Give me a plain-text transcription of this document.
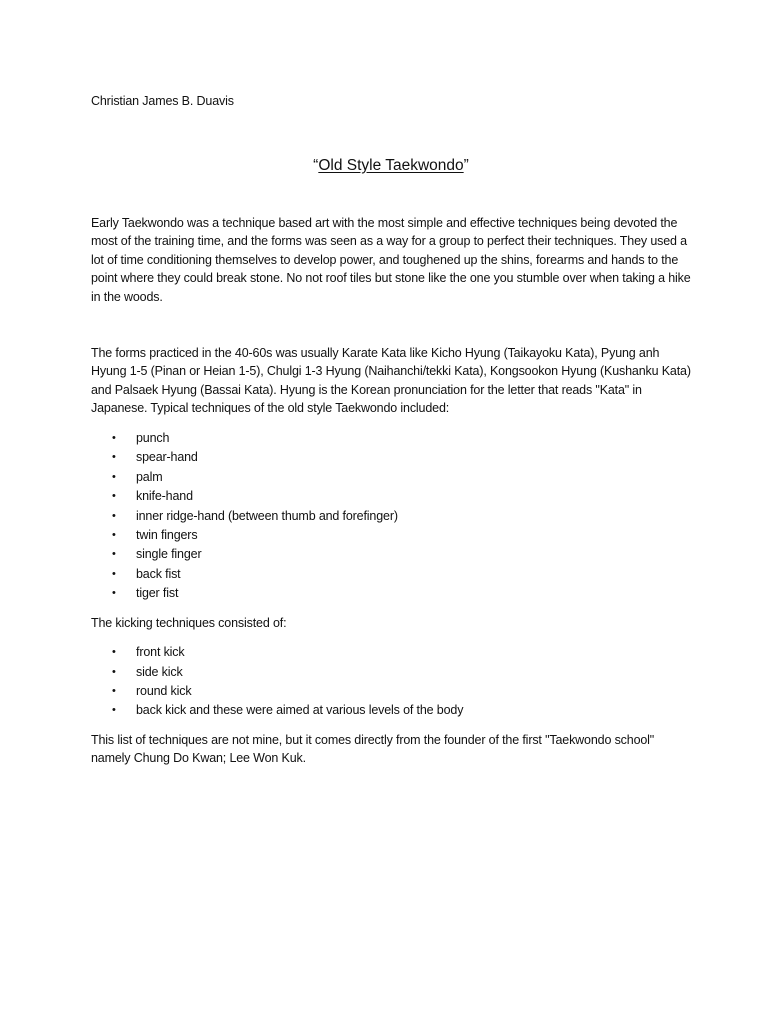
Christian James B. Duavis

“Old Style Taekwondo”

Early Taekwondo was a technique based art with the most simple and effective techniques being devoted the most of the training time, and the forms was seen as a way for a group to perfect their techniques. They used a lot of time conditioning themselves to develop power, and toughened up the shins, forearms and hands to the point where they could break stone. No not roof tiles but stone like the one you stumble over when taking a hike in the woods.

The forms practiced in the 40-60s was usually Karate Kata like Kicho Hyung (Taikayoku Kata), Pyung anh Hyung 1-5 (Pinan or Heian 1-5), Chulgi 1-3 Hyung (Naihanchi/tekki Kata), Kongsookon Hyung (Kushanku Kata) and Palsaek Hyung (Bassai Kata). Hyung is the Korean pronunciation for the letter that reads "Kata" in Japanese. Typical techniques of the old style Taekwondo included:

• punch
• spear-hand
• palm
• knife-hand
• inner ridge-hand (between thumb and forefinger)
• twin fingers
• single finger
• back fist
• tiger fist

The kicking techniques consisted of:

• front kick
• side kick
• round kick
• back kick and these were aimed at various levels of the body

This list of techniques are not mine, but it comes directly from the founder of the first "Taekwondo school" namely Chung Do Kwan; Lee Won Kuk.
